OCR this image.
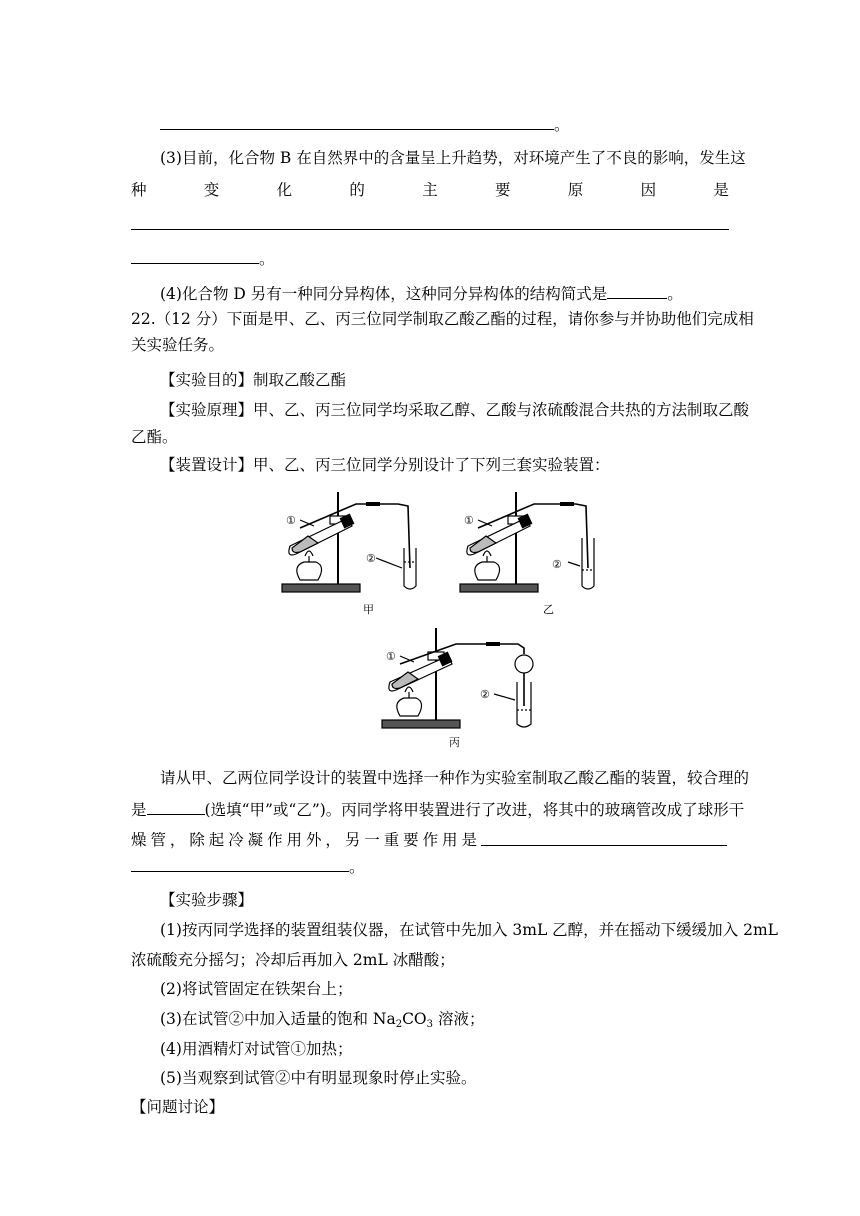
。
(3)目前，化合物 B 在自然界中的含量呈上升趋势，对环境产生了不良的影响，发生这
种	变	化	的	主	要	原	因	是
。
(4)化合物 D 另有一种同分异构体，这种同分异构体的结构简式是	。
22.（12 分）下面是甲、乙、丙三位同学制取乙酸乙酯的过程，请你参与并协助他们完成相
关实验任务。
【实验目的】制取乙酸乙酯
【实验原理】甲、乙、丙三位同学均采取乙醇、乙酸与浓硫酸混合共热的方法制取乙酸
乙酯。
【装置设计】甲、乙、丙三位同学分别设计了下列三套实验装置：
①
②
甲
①
②
乙
①
②
丙
请从甲、乙两位同学设计的装置中选择一种作为实验室制取乙酸乙酯的装置，较合理的
是	(选填“甲”或“乙”)。丙同学将甲装置进行了改进，将其中的玻璃管改成了球形干
燥 管 ， 除 起 冷 凝 作 用 外 ， 另 一 重 要 作 用 是
。
【实验步骤】
(1)按丙同学选择的装置组装仪器，在试管中先加入 3mL 乙醇，并在摇动下缓缓加入 2mL
浓硫酸充分摇匀；冷却后再加入 2mL 冰醋酸；
(2)将试管固定在铁架台上；
(3)在试管②中加入适量的饱和 $Na_2CO_3$ 溶液；
(4)用酒精灯对试管①加热；
(5)当观察到试管②中有明显现象时停止实验。
【问题讨论】
